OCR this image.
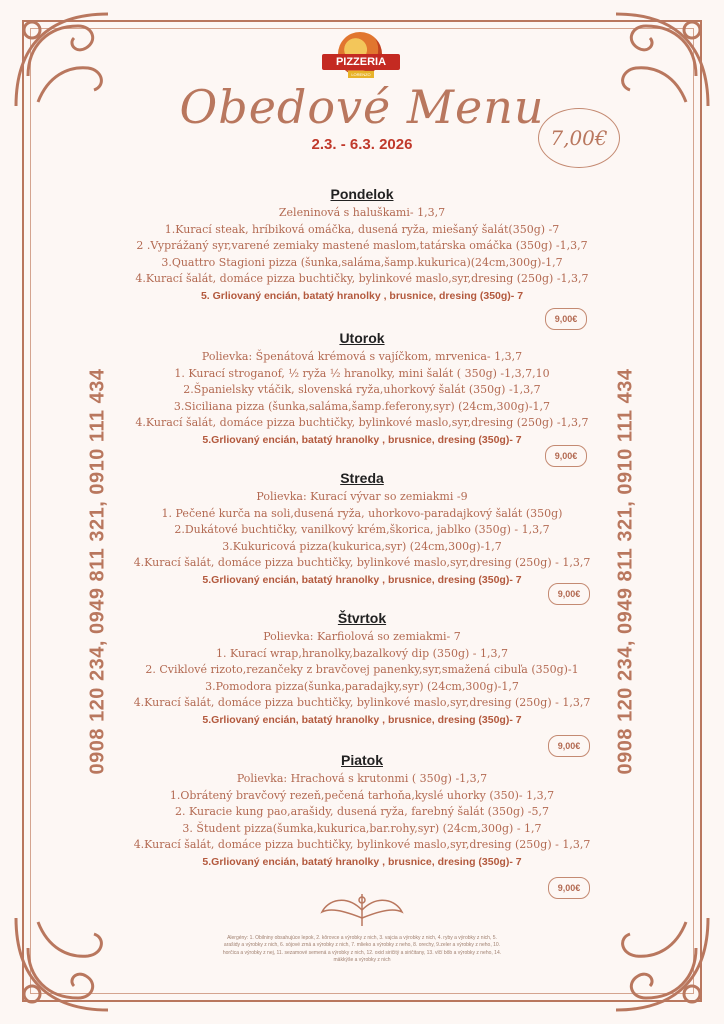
PIZZERIA
LORENZO
Obedové Menu
2.3. - 6.3. 2026	7,00€
0908 120 234, 0949 811 321, 0910 111 434	0908 120 234, 0949 811 321, 0910 111 434
Pondelok
Zeleninová s haluškami- 1,3,7
1.Kurací steak, hríbiková omáčka, dusená ryža, miešaný šalát(350g) -7
2 .Vyprážaný syr,varené zemiaky mastené maslom,tatárska omáčka (350g) -1,3,7
3.Quattro Stagioni pizza (šunka,saláma,šamp.kukurica)(24cm,300g)-1,7
4.Kurací šalát, domáce pizza buchtičky, bylinkové maslo,syr,dresing (250g) -1,3,7
5. Grliovaný encián, batatý hranolky , brusnice, dresing (350g)- 7
9,00€
Utorok
Polievka: Špenátová krémová s vajíčkom, mrvenica- 1,3,7
1. Kurací stroganof, ½ ryža ½ hranolky, mini šalát ( 350g) -1,3,7,10
2.Španielsky vtáčik, slovenská ryža,uhorkový šalát (350g) -1,3,7
3.Siciliana pizza (šunka,saláma,šamp.feferony,syr) (24cm,300g)-1,7
4.Kurací šalát, domáce pizza buchtičky, bylinkové maslo,syr,dresing (250g) -1,3,7
5.Grliovaný encián, batatý hranolky , brusnice, dresing (350g)- 7
9,00€
Streda
Polievka: Kurací vývar so zemiakmi -9
1. Pečené kurča na soli,dusená ryža, uhorkovo-paradajkový šalát (350g)
2.Dukátové buchtičky, vanilkový krém,škorica, jablko (350g) - 1,3,7
3.Kukuricová pizza(kukurica,syr) (24cm,300g)-1,7
4.Kurací šalát, domáce pizza buchtičky, bylinkové maslo,syr,dresing (250g) - 1,3,7
5.Grliovaný encián, batatý hranolky , brusnice, dresing (350g)- 7
9,00€
Štvrtok
Polievka: Karfiolová so zemiakmi- 7
1. Kurací wrap,hranolky,bazalkový dip (350g) - 1,3,7
2. Cviklové rizoto,rezančeky z bravčovej panenky,syr,smažená cibuľa (350g)-1
3.Pomodora pizza(šunka,paradajky,syr) (24cm,300g)-1,7
4.Kurací šalát, domáce pizza buchtičky, bylinkové maslo,syr,dresing (250g) - 1,3,7
5.Grliovaný encián, batatý hranolky , brusnice, dresing (350g)- 7
9,00€
Piatok
Polievka: Hrachová s krutonmi ( 350g) -1,3,7
1.Obrátený bravčový rezeň,pečená tarhoňa,kyslé uhorky (350)- 1,3,7
2. Kuracie kung pao,arašidy, dusená ryža, farebný šalát (350g) -5,7
3. Študent pizza(šumka,kukurica,bar.rohy,syr) (24cm,300g) - 1,7
4.Kurací šalát, domáce pizza buchtičky, bylinkové maslo,syr,dresing (250g) - 1,3,7
5.Grliovaný encián, batatý hranolky , brusnice, dresing (350g)- 7
9,00€
Alergény: 1. Obilniny obsahujúce lepok, 2. kôrovce a výrobky z nich, 3. vajcia a výrobky z nich, 4. ryby a výrobky z nich, 5. arašidy a výrobky z nich, 6. sójové zrná a výrobky z nich, 7. mlieko a výrobky z neho, 8. orechy, 9.zeler a výrobky z neho, 10. horčica a výrobky z nej, 11. sezamové semená a výrobky z nich, 12. oxid siričitý a siričitany, 13. vlčí bôb a výrobky z neho, 14. mäkkýše a výrobky z nich
